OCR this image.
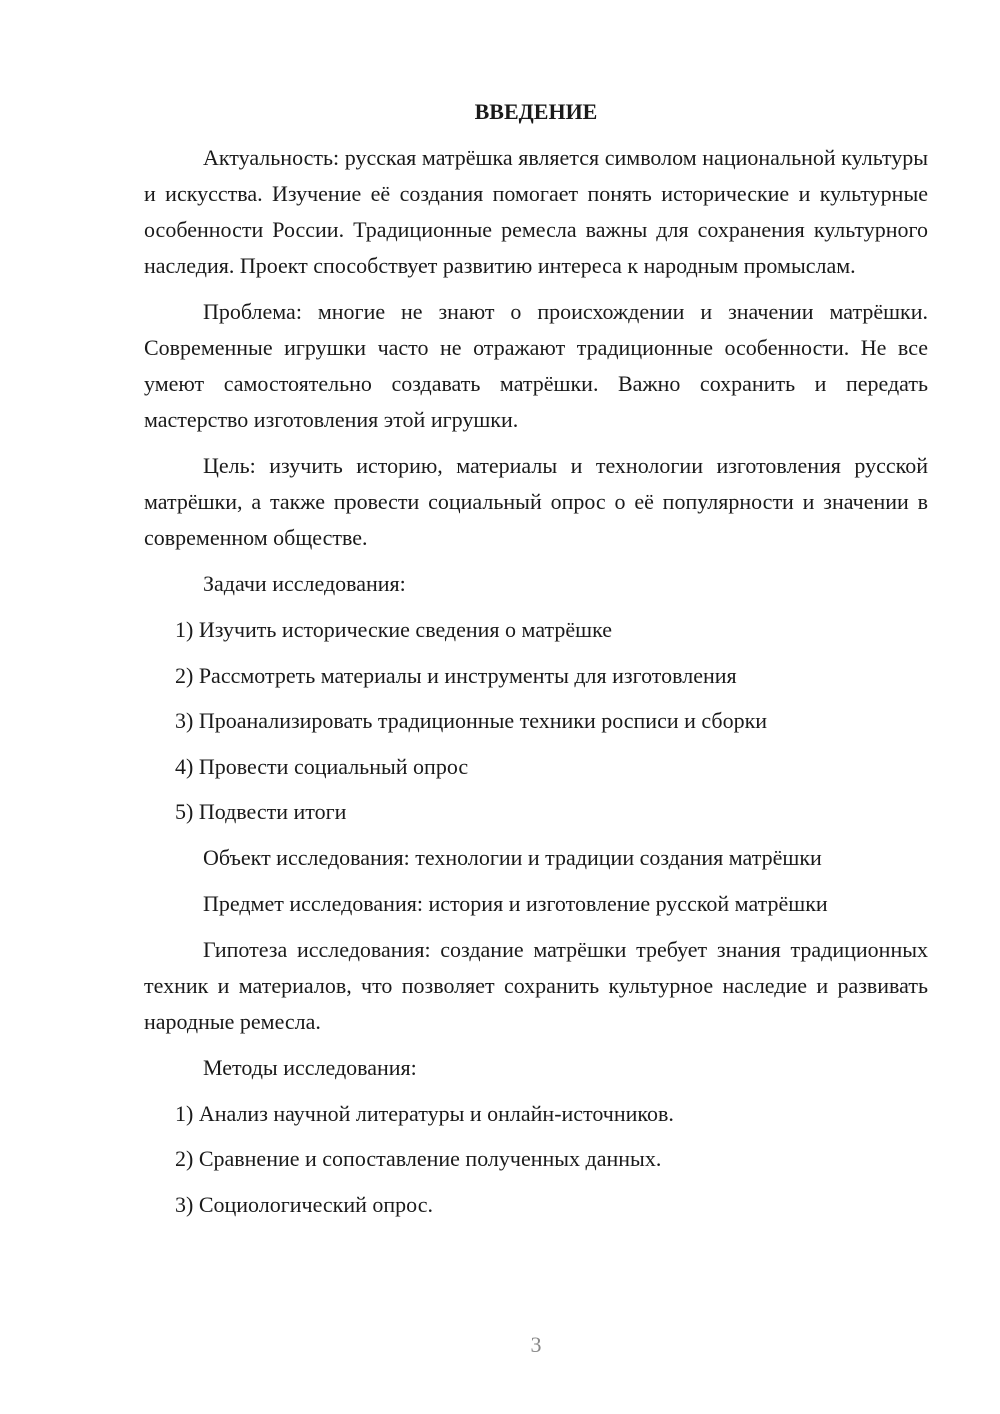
ВВЕДЕНИЕ
Актуальность: русская матрёшка является символом национальной культуры и искусства. Изучение её создания помогает понять исторические и культурные особенности России. Традиционные ремесла важны для сохранения культурного наследия. Проект способствует развитию интереса к народным промыслам.
Проблема: многие не знают о происхождении и значении матрёшки. Современные игрушки часто не отражают традиционные особенности. Не все умеют самостоятельно создавать матрёшки. Важно сохранить и передать мастерство изготовления этой игрушки.
Цель: изучить историю, материалы и технологии изготовления русской матрёшки, а также провести социальный опрос о её популярности и значении в современном обществе.
Задачи исследования:
1) Изучить исторические сведения о матрёшке
2) Рассмотреть материалы и инструменты для изготовления
3) Проанализировать традиционные техники росписи и сборки
4) Провести социальный опрос
5) Подвести итоги
Объект исследования: технологии и традиции создания матрёшки
Предмет исследования: история и изготовление русской матрёшки
Гипотеза исследования: создание матрёшки требует знания традиционных техник и материалов, что позволяет сохранить культурное наследие и развивать народные ремесла.
Методы исследования:
1) Анализ научной литературы и онлайн-источников.
2) Сравнение и сопоставление полученных данных.
3) Социологический опрос.
3
